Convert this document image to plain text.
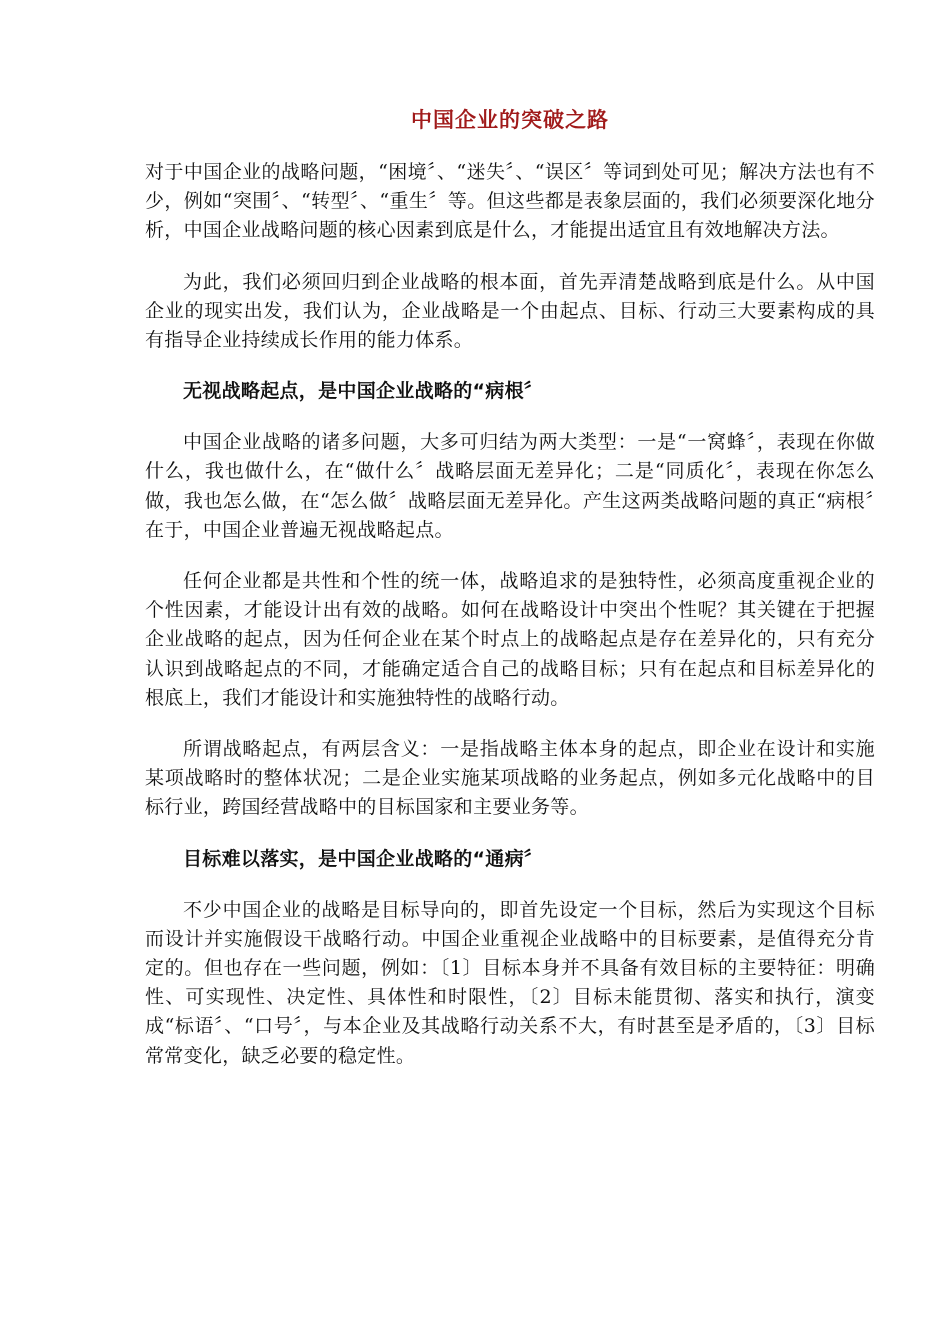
中国企业的突破之路

对于中国企业的战略问题，“困境〞、“迷失〞、“误区〞等词到处可见；解决方法也有不少，例如“突围〞、“转型〞、“重生〞等。但这些都是表象层面的，我们必须要深化地分析，中国企业战略问题的核心因素到底是什么，才能提出适宜且有效地解决方法。

为此，我们必须回归到企业战略的根本面，首先弄清楚战略到底是什么。从中国企业的现实出发，我们认为，企业战略是一个由起点、目标、行动三大要素构成的具有指导企业持续成长作用的能力体系。

无视战略起点，是中国企业战略的“病根〞

中国企业战略的诸多问题，大多可归结为两大类型：一是“一窝蜂〞，表现在你做什么，我也做什么，在“做什么〞战略层面无差异化；二是“同质化〞，表现在你怎么做，我也怎么做，在“怎么做〞战略层面无差异化。产生这两类战略问题的真正“病根〞在于，中国企业普遍无视战略起点。

任何企业都是共性和个性的统一体，战略追求的是独特性，必须高度重视企业的个性因素，才能设计出有效的战略。如何在战略设计中突出个性呢？其关键在于把握企业战略的起点，因为任何企业在某个时点上的战略起点是存在差异化的，只有充分认识到战略起点的不同，才能确定适合自己的战略目标；只有在起点和目标差异化的根底上，我们才能设计和实施独特性的战略行动。

所谓战略起点，有两层含义：一是指战略主体本身的起点，即企业在设计和实施某项战略时的整体状况；二是企业实施某项战略的业务起点，例如多元化战略中的目标行业，跨国经营战略中的目标国家和主要业务等。

目标难以落实，是中国企业战略的“通病〞

不少中国企业的战略是目标导向的，即首先设定一个目标，然后为实现这个目标而设计并实施假设干战略行动。中国企业重视企业战略中的目标要素，是值得充分肯定的。但也存在一些问题，例如：〔1〕目标本身并不具备有效目标的主要特征：明确性、可实现性、决定性、具体性和时限性，〔2〕目标未能贯彻、落实和执行，演变成“标语〞、“口号〞，与本企业及其战略行动关系不大，有时甚至是矛盾的，〔3〕目标常常变化，缺乏必要的稳定性。
